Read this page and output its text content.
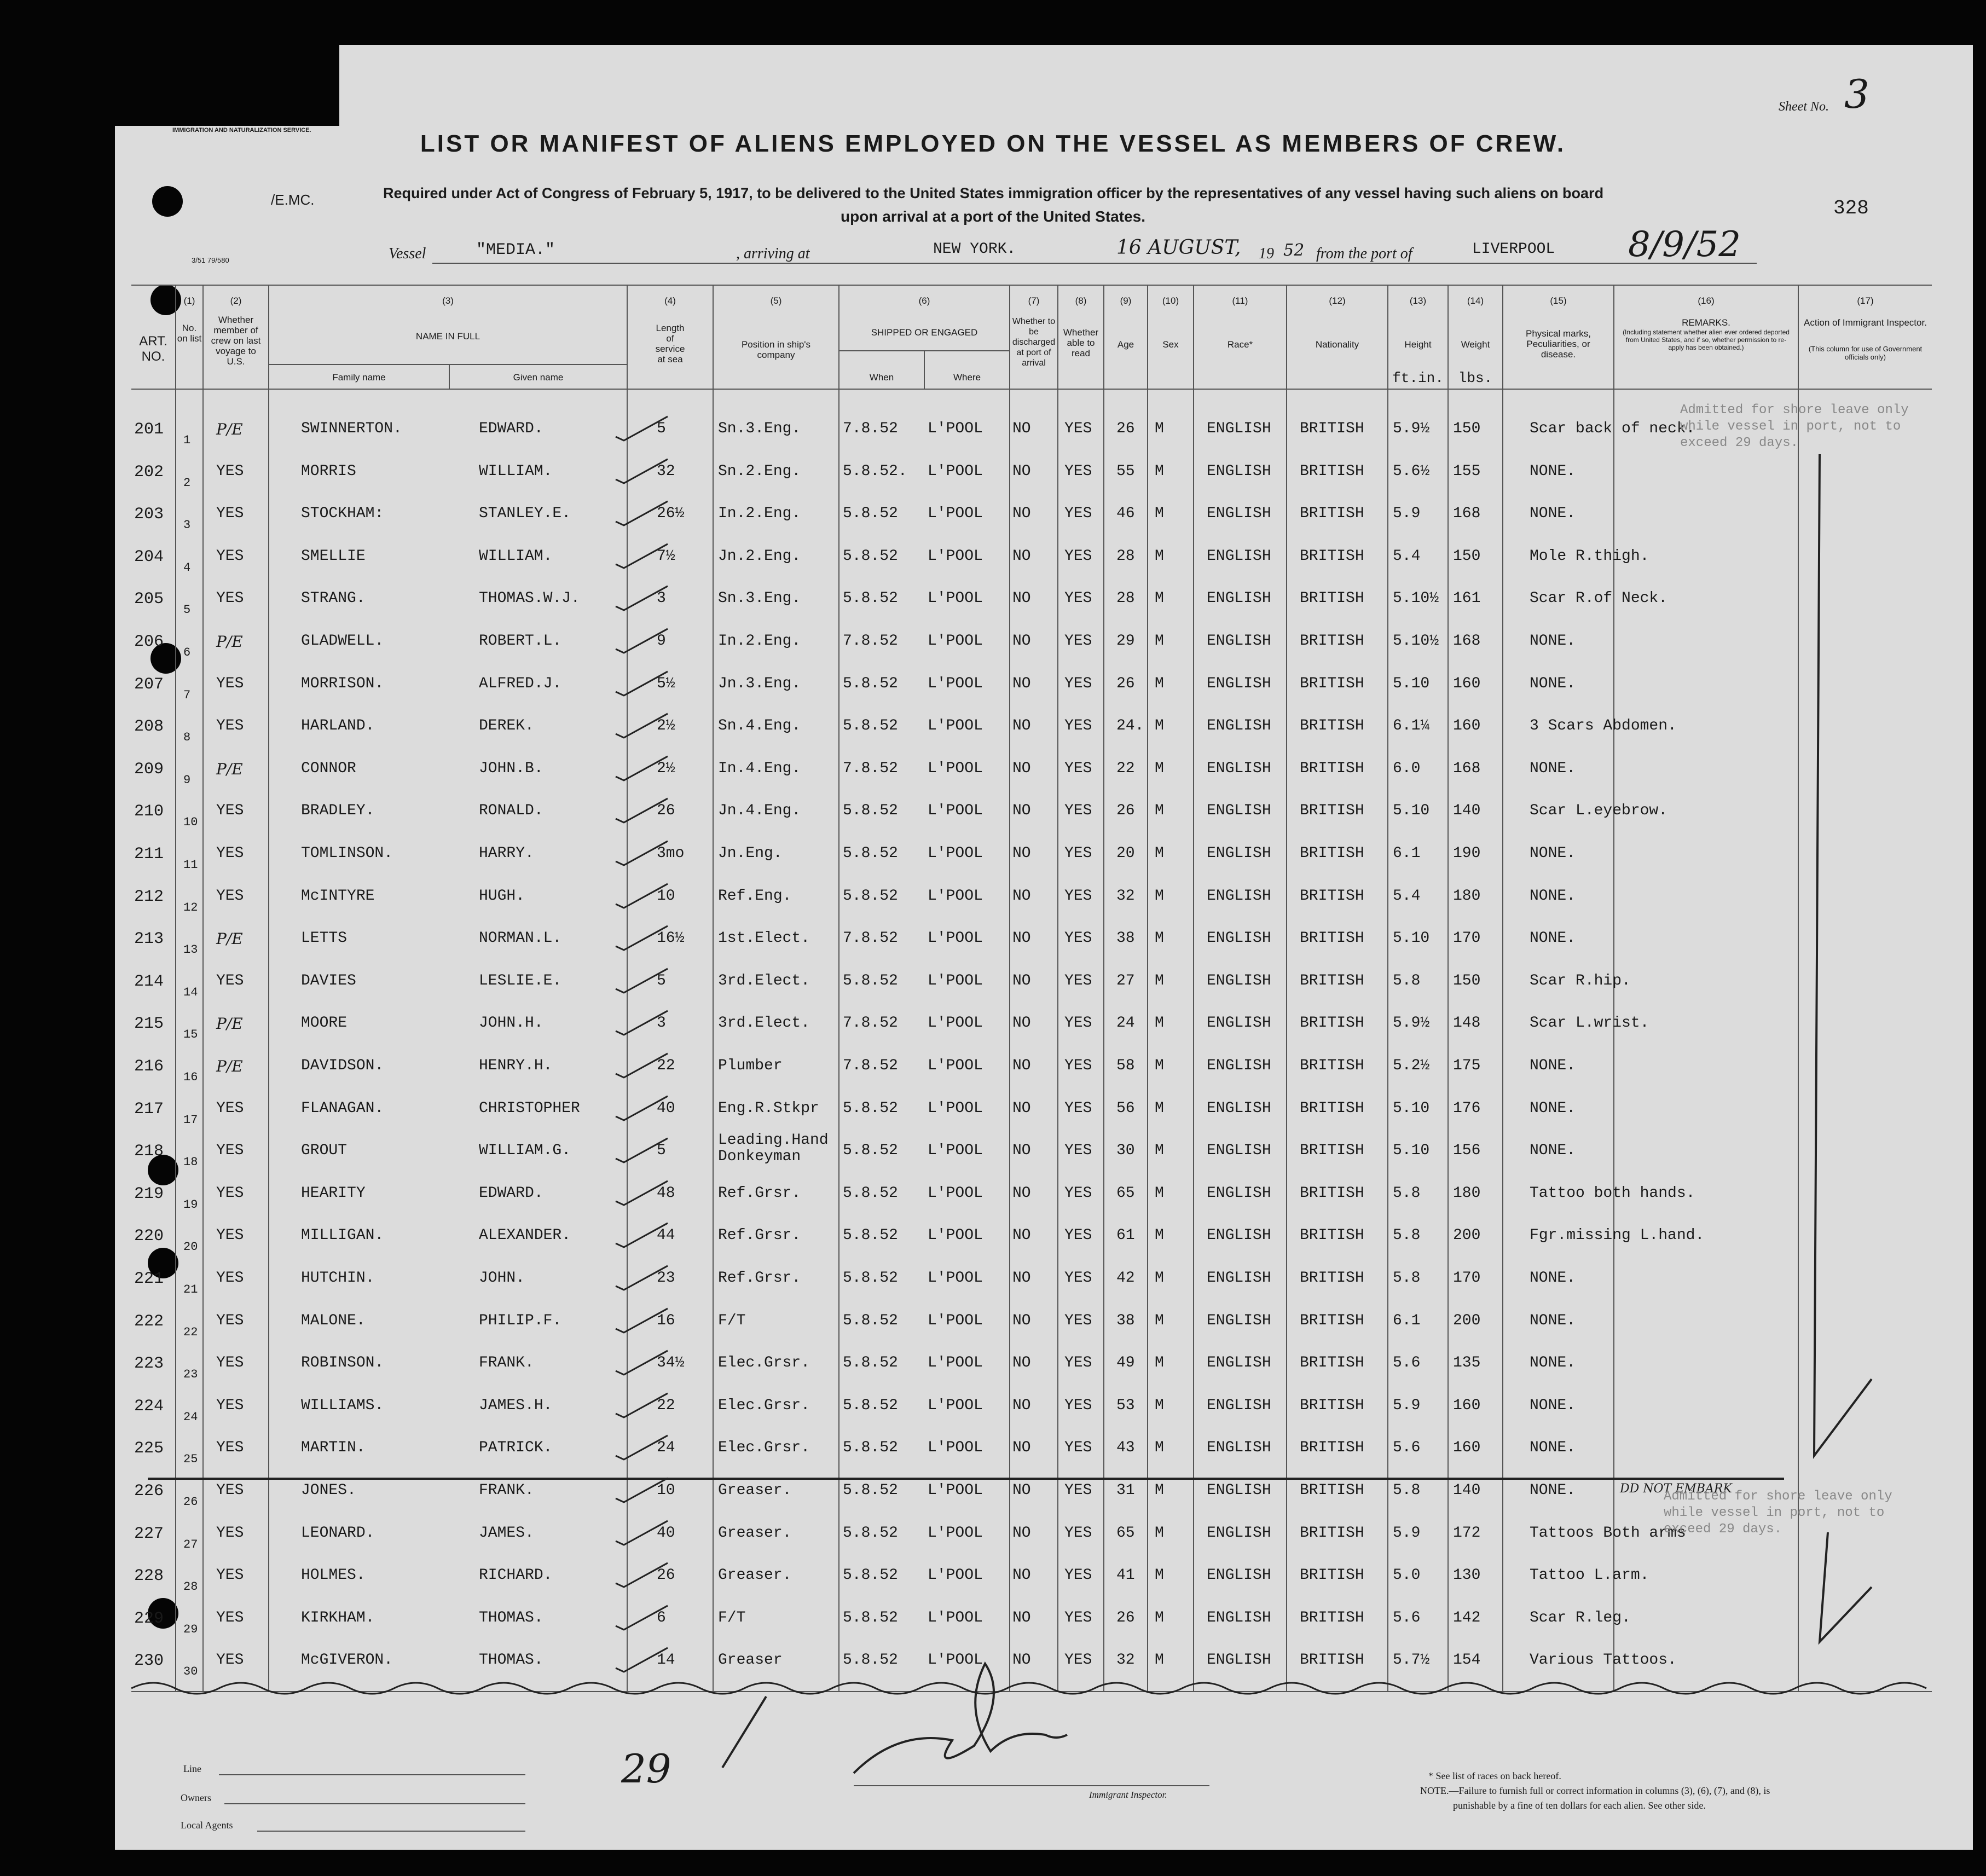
IMMIGRATION AND NATURALIZATION SERVICE.
Sheet No. 3
LIST OR MANIFEST OF ALIENS EMPLOYED ON THE VESSEL AS MEMBERS OF CREW.
/E.MC.	Required under Act of Congress of February 5, 1917, to be delivered to the United States immigration officer by the representatives of any vessel having such aliens on board
upon arrival at a port of the United States.	328
3/51 79/580	Vessel	"MEDIA."	, arriving at	NEW YORK.	16 AUGUST, 19 52 from the port of	LIVERPOOL 8/9/52
(1)
ART. NO.
No. on list
(2)
Whether member of crew on last voyage to U.S.
(3)
NAME IN FULL
Family name	Given name
(4)
Length of service at sea
(5)
Position in ship's company
(6)
SHIPPED OR ENGAGED
When	Where
(7)
Whether to be discharged at port of arrival
(8)
Whether able to read
(9)
Age
(10)
Sex
(11)
Race*
(12)
Nationality
(13)
Height
ft.in.
(14)
Weight
lbs.
(15)
Physical marks, Peculiarities, or disease.
(16)
REMARKS.
(Including statement whether alien ever ordered deported from United States, and if so, whether permission to re-apply has been obtained.)
(17)
Action of Immigrant Inspector.
(This column for use of Government officials only)
201
1
P/E	SWINNERTON.	EDWARD.	5	Sn.3.Eng.	7.8.52 L'POOL NO YES 26 M	ENGLISH BRITISH 5.9½ 150	Scar back of neck.
202
2
YES	MORRIS	WILLIAM.	32	Sn.2.Eng.	5.8.52. L'POOL NO YES 55 M	ENGLISH BRITISH 5.6½ 155	NONE.
203
3
YES	STOCKHAM:	STANLEY.E.	26½ In.2.Eng.	5.8.52 L'POOL NO YES 46 M	ENGLISH BRITISH 5.9 168	NONE.
204
4
YES	SMELLIE	WILLIAM.	7½	Jn.2.Eng.	5.8.52 L'POOL NO YES 28 M	ENGLISH BRITISH 5.4 150	Mole R.thigh.
205
5
YES	STRANG.	THOMAS.W.J.	3	Sn.3.Eng.	5.8.52 L'POOL NO YES 28 M	ENGLISH BRITISH 5.10½ 161	Scar R.of Neck.
206
6
P/E	GLADWELL.	ROBERT.L.	9	In.2.Eng.	7.8.52 L'POOL NO YES 29 M	ENGLISH BRITISH 5.10½ 168	NONE.
207
7
YES	MORRISON.	ALFRED.J.	5½	Jn.3.Eng.	5.8.52 L'POOL NO YES 26 M	ENGLISH BRITISH 5.10 160	NONE.
208
8
YES	HARLAND.	DEREK.	2½	Sn.4.Eng.	5.8.52 L'POOL NO YES 24. M	ENGLISH BRITISH 6.1¼ 160	3 Scars Abdomen.
209
9
P/E	CONNOR	JOHN.B.	2½	In.4.Eng.	7.8.52 L'POOL NO YES 22 M	ENGLISH BRITISH 6.0 168	NONE.
210
10
YES	BRADLEY.	RONALD.	26	Jn.4.Eng.	5.8.52 L'POOL NO YES 26 M	ENGLISH BRITISH 5.10 140	Scar L.eyebrow.
211
11
YES	TOMLINSON.	HARRY.	3mo Jn.Eng.	5.8.52 L'POOL NO YES 20 M	ENGLISH BRITISH 6.1 190	NONE.
212
12
YES	McINTYRE	HUGH.	10	Ref.Eng.	5.8.52 L'POOL NO YES 32 M	ENGLISH BRITISH 5.4 180	NONE.
213
13
P/E	LETTS	NORMAN.L.	16½ 1st.Elect. 7.8.52 L'POOL NO YES 38 M	ENGLISH BRITISH 5.10 170	NONE.
214
14
YES	DAVIES	LESLIE.E.	5	3rd.Elect. 5.8.52 L'POOL NO YES 27 M	ENGLISH BRITISH 5.8 150	Scar R.hip.
215
15
P/E	MOORE	JOHN.H.	3	3rd.Elect. 7.8.52 L'POOL NO YES 24 M	ENGLISH BRITISH 5.9½ 148	Scar L.wrist.
216
16
P/E	DAVIDSON.	HENRY.H.	22	Plumber	7.8.52 L'POOL NO YES 58 M	ENGLISH BRITISH 5.2½ 175	NONE.
217
17
YES	FLANAGAN.	CHRISTOPHER	40	Eng.R.Stkpr 5.8.52 L'POOL NO YES 56 M	ENGLISH BRITISH 5.10 176	NONE.
218
18
YES	GROUT	WILLIAM.G.	5
Leading.Hand Donkeyman	5.8.52 L'POOL NO YES 30 M	ENGLISH BRITISH 5.10 156	NONE.
219
19
YES	HEARITY	EDWARD.	48	Ref.Grsr.	5.8.52 L'POOL NO YES 65 M	ENGLISH BRITISH 5.8 180	Tattoo both hands.
220
20
YES	MILLIGAN.	ALEXANDER.	44	Ref.Grsr.	5.8.52 L'POOL NO YES 61 M	ENGLISH BRITISH 5.8 200	Fgr.missing L.hand.
221
21
YES	HUTCHIN.	JOHN.	23	Ref.Grsr.	5.8.52 L'POOL NO YES 42 M	ENGLISH BRITISH 5.8 170	NONE.
222
22
YES	MALONE.	PHILIP.F.	16	F/T	5.8.52 L'POOL NO YES 38 M	ENGLISH BRITISH 6.1 200	NONE.
223
23
YES	ROBINSON.	FRANK.	34½ Elec.Grsr. 5.8.52 L'POOL NO YES 49 M	ENGLISH BRITISH 5.6 135	NONE.
224
24
YES	WILLIAMS.	JAMES.H.	22	Elec.Grsr. 5.8.52 L'POOL NO YES 53 M	ENGLISH BRITISH 5.9 160	NONE.
225
25
YES	MARTIN.	PATRICK.	24	Elec.Grsr. 5.8.52 L'POOL NO YES 43 M	ENGLISH BRITISH 5.6 160	NONE.
226
26
YES	JONES.	FRANK.	10	Greaser.	5.8.52 L'POOL NO YES 31 M	ENGLISH BRITISH 5.8 140	NONE.	DD NOT EMBARK
227
27
YES	LEONARD.	JAMES.	40	Greaser.	5.8.52 L'POOL NO YES 65 M	ENGLISH BRITISH 5.9 172	Tattoos Both arms
228
28
YES	HOLMES.	RICHARD.	26	Greaser.	5.8.52 L'POOL NO YES 41 M	ENGLISH BRITISH 5.0 130	Tattoo L.arm.
229
29
YES	KIRKHAM.	THOMAS.	6	F/T	5.8.52 L'POOL NO YES 26 M	ENGLISH BRITISH 5.6 142	Scar R.leg.
230
30
YES	McGIVERON.	THOMAS.	14	Greaser	5.8.52 L'POOL NO YES 32 M	ENGLISH BRITISH 5.7½ 154	Various Tattoos.
Admitted for shore leave only while vessel in port, not to exceed 29 days.
Admitted for shore leave only while vessel in port, not to exceed 29 days.
Line
Owners
Local Agents
29
Immigrant Inspector.
* See list of races on back hereof.
NOTE.—Failure to furnish full or correct information in columns (3), (6), (7), and (8), is
punishable by a fine of ten dollars for each alien. See other side.
